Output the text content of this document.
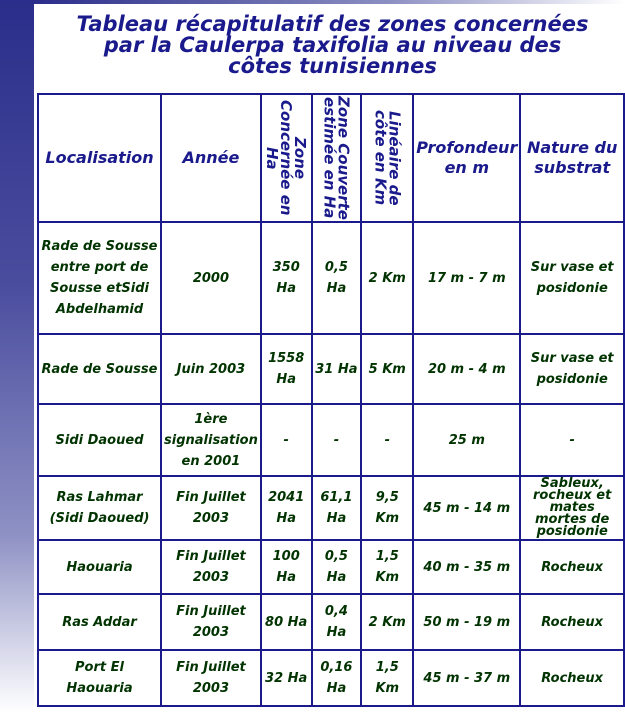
Tableau récapitulatif des zones concernées
par la Caulerpa taxifolia au niveau des
côtes tunisiennes
Localisation	Année	Zone Concernée en Ha	Zone Couverte estimée en Ha	Linéaire de côte en Km	Profondeur en m	Nature du substrat
Rade de Sousse entre port de Sousse etSidi Abdelhamid	2000	350 Ha	0,5 Ha	2 Km	17 m - 7 m	Sur vase et posidonie
Rade de Sousse	Juin 2003	1558 Ha	31 Ha	5 Km	20 m - 4 m	Sur vase et posidonie
Sidi Daoued	1ère signalisation en 2001	-	-	-	25 m	-
Ras Lahmar (Sidi Daoued)	Fin Juillet 2003	2041 Ha	61,1 Ha	9,5 Km	45 m - 14 m	Sableux, rocheux et mates mortes de posidonie
Haouaria	Fin Juillet 2003	100 Ha	0,5 Ha	1,5 Km	40 m - 35 m	Rocheux
Ras Addar	Fin Juillet 2003	80 Ha	0,4 Ha	2 Km	50 m - 19 m	Rocheux
Port El Haouaria	Fin Juillet 2003	32 Ha	0,16 Ha	1,5 Km	45 m - 37 m	Rocheux
